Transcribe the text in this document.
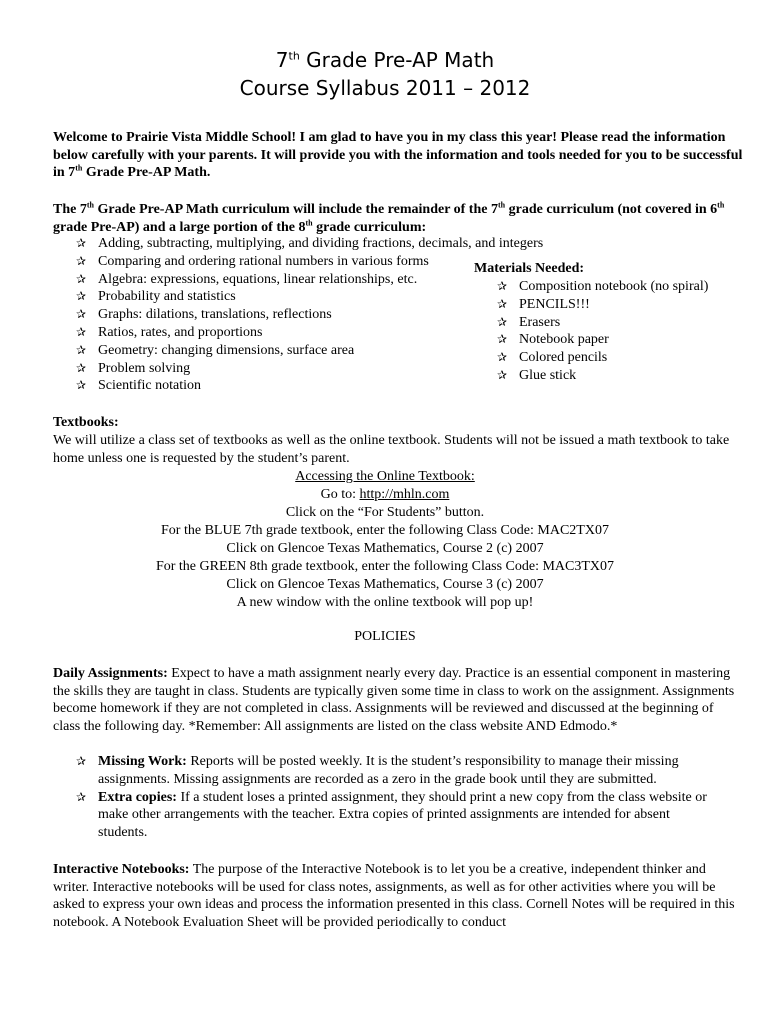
7th Grade Pre-AP Math
Course Syllabus 2011 – 2012

Welcome to Prairie Vista Middle School! I am glad to have you in my class this year! Please read the information below carefully with your parents. It will provide you with the information and tools needed for you to be successful in 7th Grade Pre-AP Math.

The 7th Grade Pre-AP Math curriculum will include the remainder of the 7th grade curriculum (not covered in 6th grade Pre-AP) and a large portion of the 8th grade curriculum:

✰ Adding, subtracting, multiplying, and dividing fractions, decimals, and integers
✰ Comparing and ordering rational numbers in various forms
✰ Algebra: expressions, equations, linear relationships, etc.
✰ Probability and statistics
✰ Graphs: dilations, translations, reflections
✰ Ratios, rates, and proportions
✰ Geometry: changing dimensions, surface area
✰ Problem solving
✰ Scientific notation
Materials Needed:
✰ Composition notebook (no spiral)
✰ PENCILS!!!
✰ Erasers
✰ Notebook paper
✰ Colored pencils
✰ Glue stick
Textbooks:

We will utilize a class set of textbooks as well as the online textbook. Students will not be issued a math textbook to take home unless one is requested by the student’s parent.

Accessing the Online Textbook:

Go to: http://mhln.com

Click on the “For Students” button.

For the BLUE 7th grade textbook, enter the following Class Code: MAC2TX07

Click on Glencoe Texas Mathematics, Course 2 (c) 2007

For the GREEN 8th grade textbook, enter the following Class Code: MAC3TX07

Click on Glencoe Texas Mathematics, Course 3 (c) 2007

A new window with the online textbook will pop up!

POLICIES

Daily Assignments: Expect to have a math assignment nearly every day. Practice is an essential component in mastering the skills they are taught in class. Students are typically given some time in class to work on the assignment. Assignments become homework if they are not completed in class. Assignments will be reviewed and discussed at the beginning of class the following day. *Remember: All assignments are listed on the class website AND Edmodo.*

✰ Missing Work: Reports will be posted weekly. It is the student’s responsibility to manage their missing assignments. Missing assignments are recorded as a zero in the grade book until they are submitted.
✰ Extra copies: If a student loses a printed assignment, they should print a new copy from the class website or make other arrangements with the teacher. Extra copies of printed assignments are intended for absent students.

Interactive Notebooks: The purpose of the Interactive Notebook is to let you be a creative, independent thinker and writer. Interactive notebooks will be used for class notes, assignments, as well as for other activities where you will be asked to express your own ideas and process the information presented in this class. Cornell Notes will be required in this notebook. A Notebook Evaluation Sheet will be provided periodically to conduct
